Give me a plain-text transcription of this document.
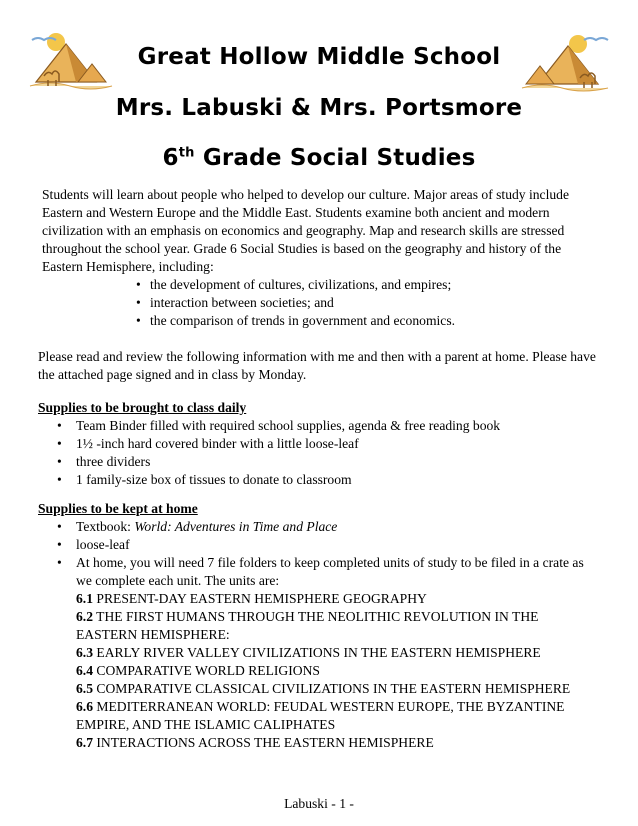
Great Hollow Middle School
Mrs. Labuski & Mrs. Portsmore
6th Grade Social Studies

Students will learn about people who helped to develop our culture. Major areas of study include Eastern and Western Europe and the Middle East. Students examine both ancient and modern civilization with an emphasis on economics and geography. Map and research skills are stressed throughout the school year. Grade 6 Social Studies is based on the geography and history of the Eastern Hemisphere, including:

• the development of cultures, civilizations, and empires;
• interaction between societies; and
• the comparison of trends in government and economics.
Please read and review the following information with me and then with a parent at home. Please have the attached page signed and in class by Monday.
Supplies to be brought to class daily
• Team Binder filled with required school supplies, agenda & free reading book
• 1½ -inch hard covered binder with a little loose-leaf
• three dividers
• 1 family-size box of tissues to donate to classroom
Supplies to be kept at home
• Textbook: World: Adventures in Time and Place
• loose-leaf
• At home, you will need 7 file folders to keep completed units of study to be filed in a crate as we complete each unit. The units are:
6.1 PRESENT-DAY EASTERN HEMISPHERE GEOGRAPHY
6.2 THE FIRST HUMANS THROUGH THE NEOLITHIC REVOLUTION IN THE EASTERN HEMISPHERE:
6.3 EARLY RIVER VALLEY CIVILIZATIONS IN THE EASTERN HEMISPHERE
6.4 COMPARATIVE WORLD RELIGIONS
6.5 COMPARATIVE CLASSICAL CIVILIZATIONS IN THE EASTERN HEMISPHERE
6.6 MEDITERRANEAN WORLD: FEUDAL WESTERN EUROPE, THE BYZANTINE EMPIRE, AND THE ISLAMIC CALIPHATES
6.7 INTERACTIONS ACROSS THE EASTERN HEMISPHERE
Labuski - 1 -
